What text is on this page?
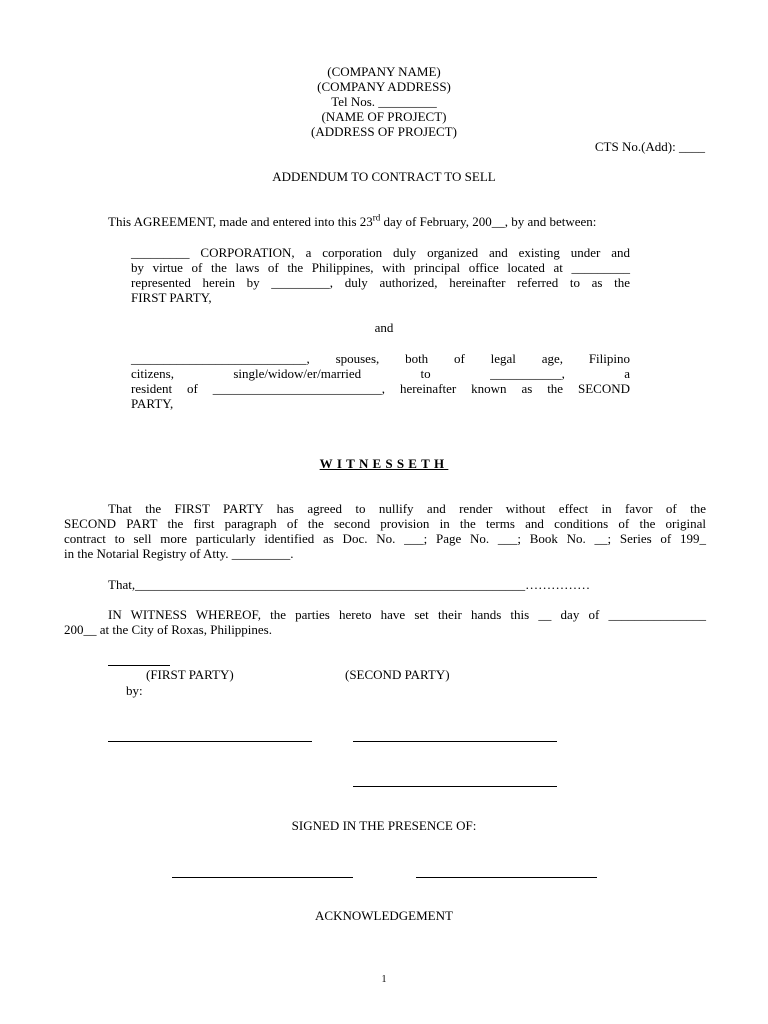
(COMPANY NAME)
(COMPANY ADDRESS)
Tel Nos. _________
(NAME OF PROJECT)
(ADDRESS OF PROJECT)
CTS No.(Add): ____
ADDENDUM TO CONTRACT TO SELL
This AGREEMENT, made and entered into this 23rd day of February, 200__, by and between:
_________ CORPORATION, a corporation duly organized and existing under and
by virtue of the laws of the Philippines, with principal office located at _________
represented herein by _________, duly authorized, hereinafter referred to as the
FIRST PARTY,
and
___________________________, spouses, both of legal age, Filipino
citizens, single/widow/er/married to ___________, a
resident of __________________________, hereinafter known as the SECOND
PARTY,
WITNESSETH
That the FIRST PARTY has agreed to nullify and render without effect in favor of the
SECOND PART the first paragraph of the second provision in the terms and conditions of the original
contract to sell more particularly identified as Doc. No. ___; Page No. ___; Book No. __; Series of 199_
in the Notarial Registry of Atty. _________.
That,____________________________________________________________……………
IN WITNESS WHEREOF, the parties hereto have set their hands this __ day of _______________
200__ at the City of Roxas, Philippines.
(FIRST PARTY)	(SECOND PARTY)
by:
SIGNED IN THE PRESENCE OF:
ACKNOWLEDGEMENT
1
